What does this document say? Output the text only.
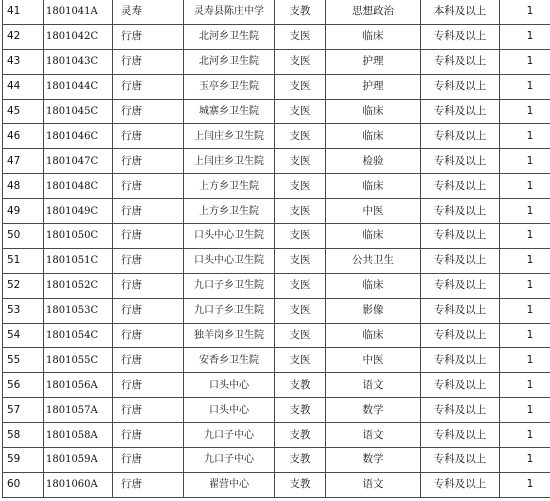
41	1801041A	灵寿	灵寿县陈庄中学	支教	思想政治	本科及以上	1
42	1801042C	行唐	北河乡卫生院	支医	临床	专科及以上	1
43	1801043C	行唐	北河乡卫生院	支医	护理	专科及以上	1
44	1801044C	行唐	玉亭乡卫生院	支医	护理	专科及以上	1
45	1801045C	行唐	城寨乡卫生院	支医	临床	专科及以上	1
46	1801046C	行唐	上闫庄乡卫生院	支医	临床	专科及以上	1
47	1801047C	行唐	上闫庄乡卫生院	支医	检验	专科及以上	1
48	1801048C	行唐	上方乡卫生院	支医	临床	专科及以上	1
49	1801049C	行唐	上方乡卫生院	支医	中医	专科及以上	1
50	1801050C	行唐	口头中心卫生院	支医	临床	专科及以上	1
51	1801051C	行唐	口头中心卫生院	支医	公共卫生	专科及以上	1
52	1801052C	行唐	九口子乡卫生院	支医	临床	专科及以上	1
53	1801053C	行唐	九口子乡卫生院	支医	影像	专科及以上	1
54	1801054C	行唐	独羊岗乡卫生院	支医	临床	专科及以上	1
55	1801055C	行唐	安香乡卫生院	支医	中医	专科及以上	1
56	1801056A	行唐	口头中心	支教	语文	专科及以上	1
57	1801057A	行唐	口头中心	支教	数学	专科及以上	1
58	1801058A	行唐	九口子中心	支教	语文	专科及以上	1
59	1801059A	行唐	九口子中心	支教	数学	专科及以上	1
60	1801060A	行唐	翟营中心	支教	语文	专科及以上	1
